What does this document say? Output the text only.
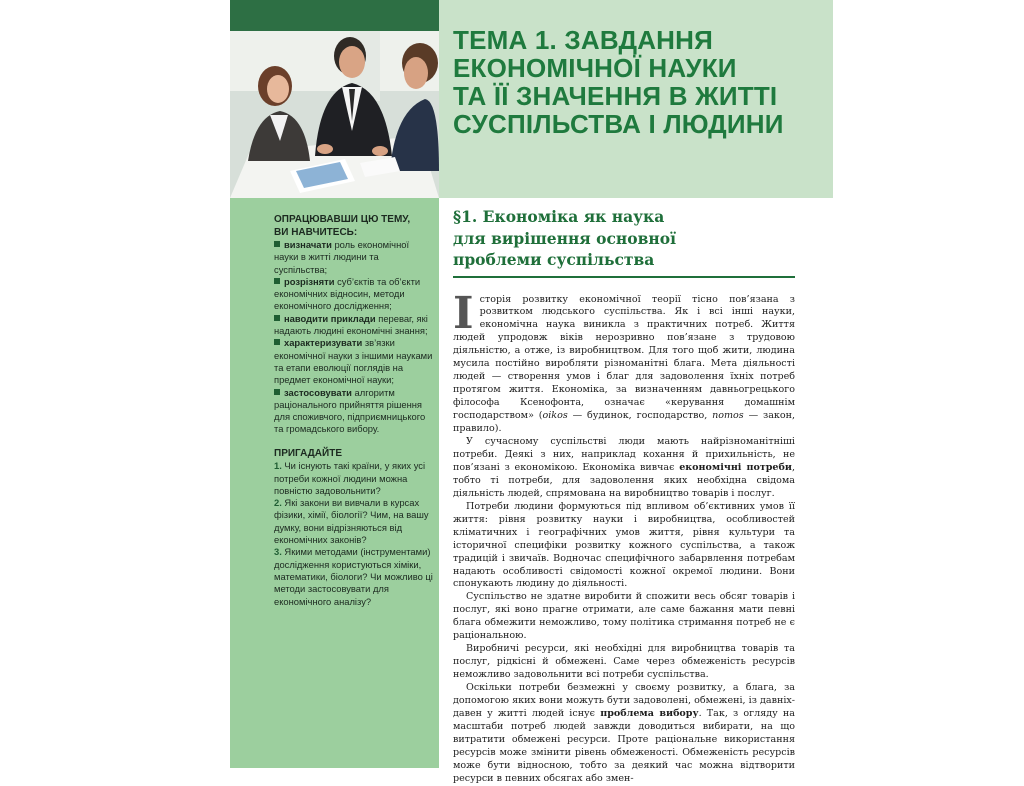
ТЕМА 1. ЗАВДАННЯ
ЕКОНОМІЧНОЇ НАУКИ
ТА ЇЇ ЗНАЧЕННЯ В ЖИТТІ
СУСПІЛЬСТВА І ЛЮДИНИ

ОПРАЦЮВАВШИ ЦЮ ТЕМУ,
ВИ НАВЧИТЕСЬ:

визначати роль економічної науки в житті людини та суспільства;

розрізняти суб’єктів та об’єкти економічних відносин, методи економічного дослідження;

наводити приклади переваг, які надають людині економічні знання;

характеризувати зв’язки економічної науки з іншими науками та етапи еволюції поглядів на предмет економічної науки;

застосовувати алгоритм раціонального прийняття рішення для споживчого, підприємницького та громадського вибору.

ПРИГАДАЙТЕ

1. Чи існують такі країни, у яких усі потреби кожної людини можна повністю задовольнити?

2. Які закони ви вивчали в курсах фізики, хімії, біології? Чим, на вашу думку, вони відрізняються від економічних законів?

3. Якими методами (інструментами) дослідження користуються хіміки, математики, біологи? Чи можливо ці методи застосовувати для економічного аналізу?

§1. Економіка як наука
для вирішення основної
проблеми суспільства

Історія розвитку економічної теорії тісно пов’язана з розвитком людського суспільства. Як і всі інші науки, економічна наука виникла з практичних потреб. Життя людей упродовж віків нерозривно пов’язане з трудовою діяльністю, а отже, із виробництвом. Для того щоб жити, людина мусила постійно виробляти різноманітні блага. Мета діяльності людей — створення умов і благ для задоволення їхніх потреб протягом життя. Економіка, за визначенням давньогрецького філософа Ксенофонта, означає «керування домашнім господарством» (oikos — будинок, господарство, nomos — закон, правило).

У сучасному суспільстві люди мають найрізноманітніші потреби. Деякі з них, наприклад кохання й прихильність, не пов’язані з економікою. Економіка вивчає економічні потреби, тобто ті потреби, для задоволення яких необхідна свідома діяльність людей, спрямована на виробництво товарів і послуг.

Потреби людини формуються під впливом об’єктивних умов її життя: рівня розвитку науки і виробництва, особливостей кліматичних і географічних умов життя, рівня культури та історичної специфіки розвитку кожного суспільства, а також традицій і звичаїв. Водночас специфічного забарвлення потребам надають особливості свідомості кожної окремої людини. Вони спонукають людину до діяльності.

Суспільство не здатне виробити й спожити весь обсяг товарів і послуг, які воно прагне отримати, але саме бажання мати певні блага обмежити неможливо, тому політика стримання потреб не є раціональною.

Виробничі ресурси, які необхідні для виробництва товарів та послуг, рідкісні й обмежені. Саме через обмеженість ресурсів неможливо задовольнити всі потреби суспільства.

Оскільки потреби безмежні у своєму розвитку, а блага, за допомогою яких вони можуть бути задоволені, обмежені, із давніх-давен у житті людей існує проблема вибору. Так, з огляду на масштаби потреб людей завжди доводиться вибирати, на що витратити обмежені ресурси. Проте раціональне використання ресурсів може змінити рівень обмеженості. Обмеженість ресурсів може бути відносною, тобто за деякий час можна відтворити ресурси в певних обсягах або змен-
